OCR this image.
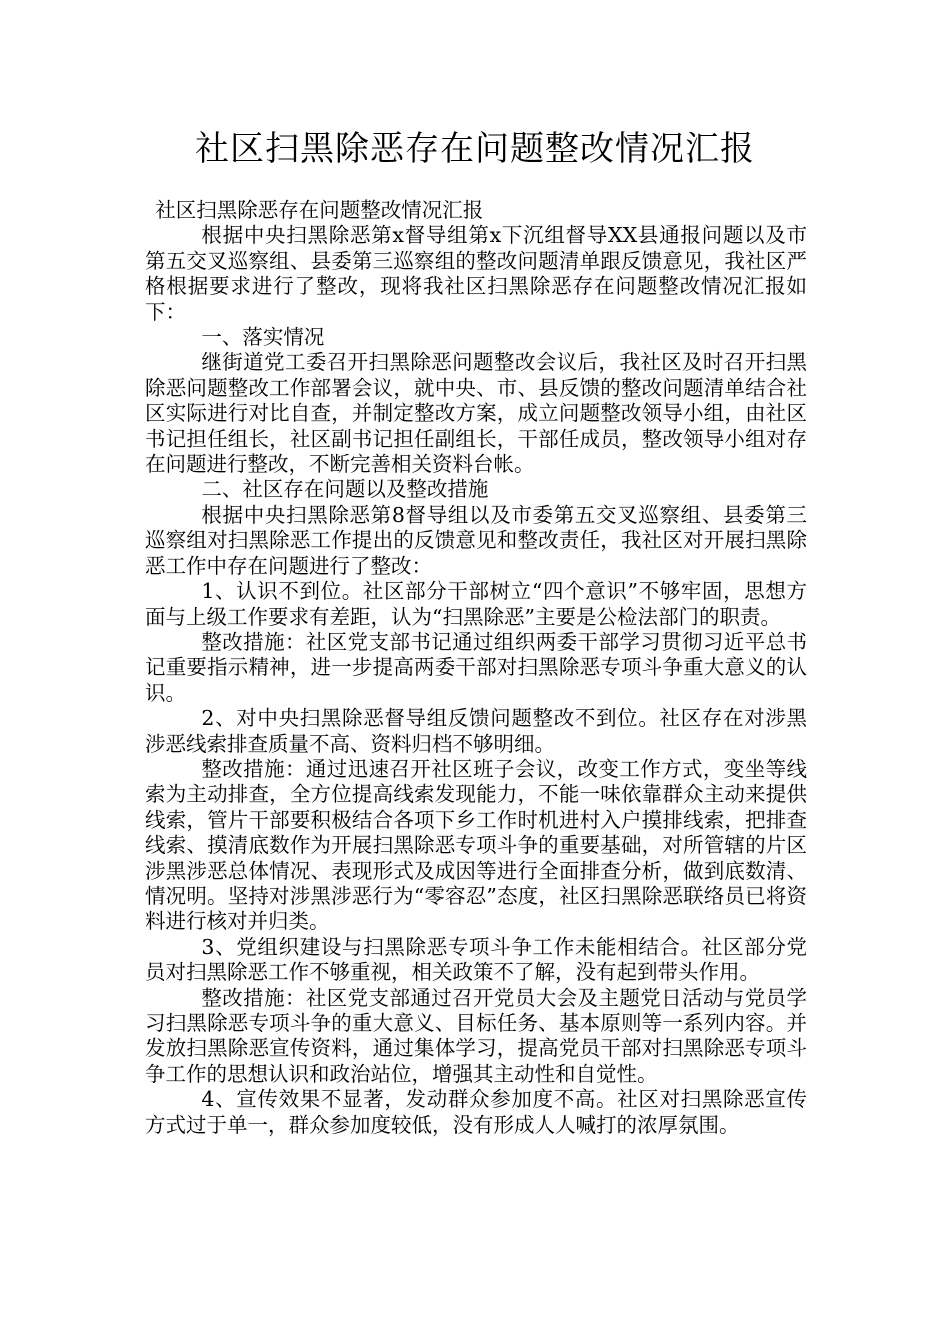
社区扫黑除恶存在问题整改情况汇报

社区扫黑除恶存在问题整改情况汇报

根据中央扫黑除恶第x督导组第x下沉组督导XX县通报问题以及市第五交叉巡察组、县委第三巡察组的整改问题清单跟反馈意见，我社区严格根据要求进行了整改，现将我社区扫黑除恶存在问题整改情况汇报如下：

一、落实情况

继街道党工委召开扫黑除恶问题整改会议后，我社区及时召开扫黑除恶问题整改工作部署会议，就中央、市、县反馈的整改问题清单结合社区实际进行对比自查，并制定整改方案，成立问题整改领导小组，由社区书记担任组长，社区副书记担任副组长，干部任成员，整改领导小组对存在问题进行整改，不断完善相关资料台帐。

二、社区存在问题以及整改措施

根据中央扫黑除恶第8督导组以及市委第五交叉巡察组、县委第三巡察组对扫黑除恶工作提出的反馈意见和整改责任，我社区对开展扫黑除恶工作中存在问题进行了整改：

1、认识不到位。社区部分干部树立“四个意识”不够牢固，思想方面与上级工作要求有差距，认为“扫黑除恶”主要是公检法部门的职责。

整改措施：社区党支部书记通过组织两委干部学习贯彻习近平总书记重要指示精神，进一步提高两委干部对扫黑除恶专项斗争重大意义的认识。

2、对中央扫黑除恶督导组反馈问题整改不到位。社区存在对涉黑涉恶线索排查质量不高、资料归档不够明细。

整改措施：通过迅速召开社区班子会议，改变工作方式，变坐等线索为主动排查，全方位提高线索发现能力，不能一味依靠群众主动来提供线索，管片干部要积极结合各项下乡工作时机进村入户摸排线索，把排查线索、摸清底数作为开展扫黑除恶专项斗争的重要基础，对所管辖的片区涉黑涉恶总体情况、表现形式及成因等进行全面排查分析，做到底数清、情况明。坚持对涉黑涉恶行为“零容忍”态度，社区扫黑除恶联络员已将资料进行核对并归类。

3、党组织建设与扫黑除恶专项斗争工作未能相结合。社区部分党员对扫黑除恶工作不够重视，相关政策不了解，没有起到带头作用。

整改措施：社区党支部通过召开党员大会及主题党日活动与党员学习扫黑除恶专项斗争的重大意义、目标任务、基本原则等一系列内容。并发放扫黑除恶宣传资料，通过集体学习，提高党员干部对扫黑除恶专项斗争工作的思想认识和政治站位，增强其主动性和自觉性。

4、宣传效果不显著，发动群众参加度不高。社区对扫黑除恶宣传方式过于单一，群众参加度较低，没有形成人人喊打的浓厚氛围。
